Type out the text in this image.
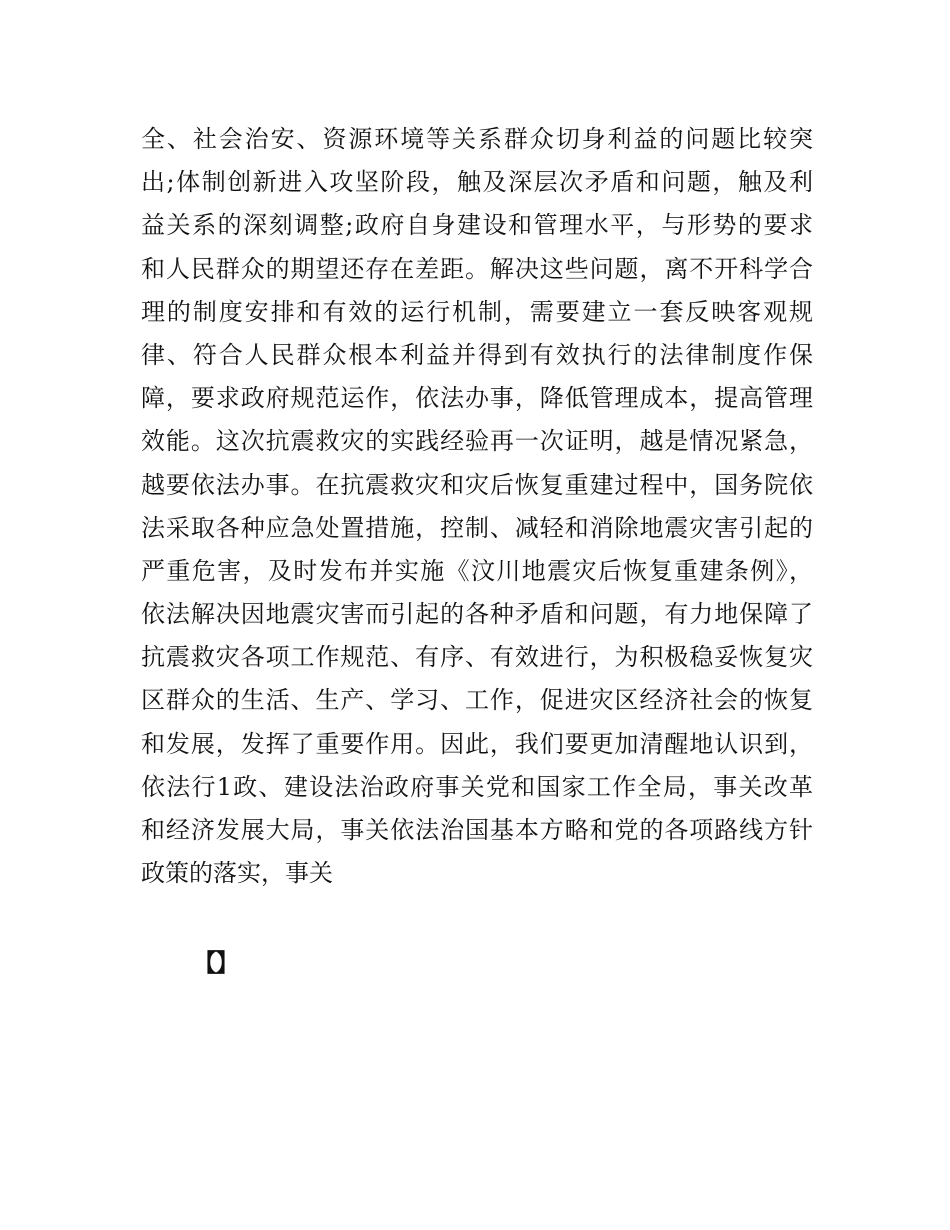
全、社会治安、资源环境等关系群众切身利益的问题比较突
出;体制创新进入攻坚阶段，触及深层次矛盾和问题，触及利
益关系的深刻调整;政府自身建设和管理水平，与形势的要求
和人民群众的期望还存在差距。解决这些问题，离不开科学合
理的制度安排和有效的运行机制，需要建立一套反映客观规
律、符合人民群众根本利益并得到有效执行的法律制度作保
障，要求政府规范运作，依法办事，降低管理成本，提高管理
效能。这次抗震救灾的实践经验再一次证明，越是情况紧急，
越要依法办事。在抗震救灾和灾后恢复重建过程中，国务院依
法采取各种应急处置措施，控制、减轻和消除地震灾害引起的
严重危害，及时发布并实施《汶川地震灾后恢复重建条例》，
依法解决因地震灾害而引起的各种矛盾和问题，有力地保障了
抗震救灾各项工作规范、有序、有效进行，为积极稳妥恢复灾
区群众的生活、生产、学习、工作，促进灾区经济社会的恢复
和发展，发挥了重要作用。因此，我们要更加清醒地认识到，
依法行1政、建设法治政府事关党和国家工作全局，事关改革
和经济发展大局，事关依法治国基本方略和党的各项路线方针
政策的落实，事关
【】
